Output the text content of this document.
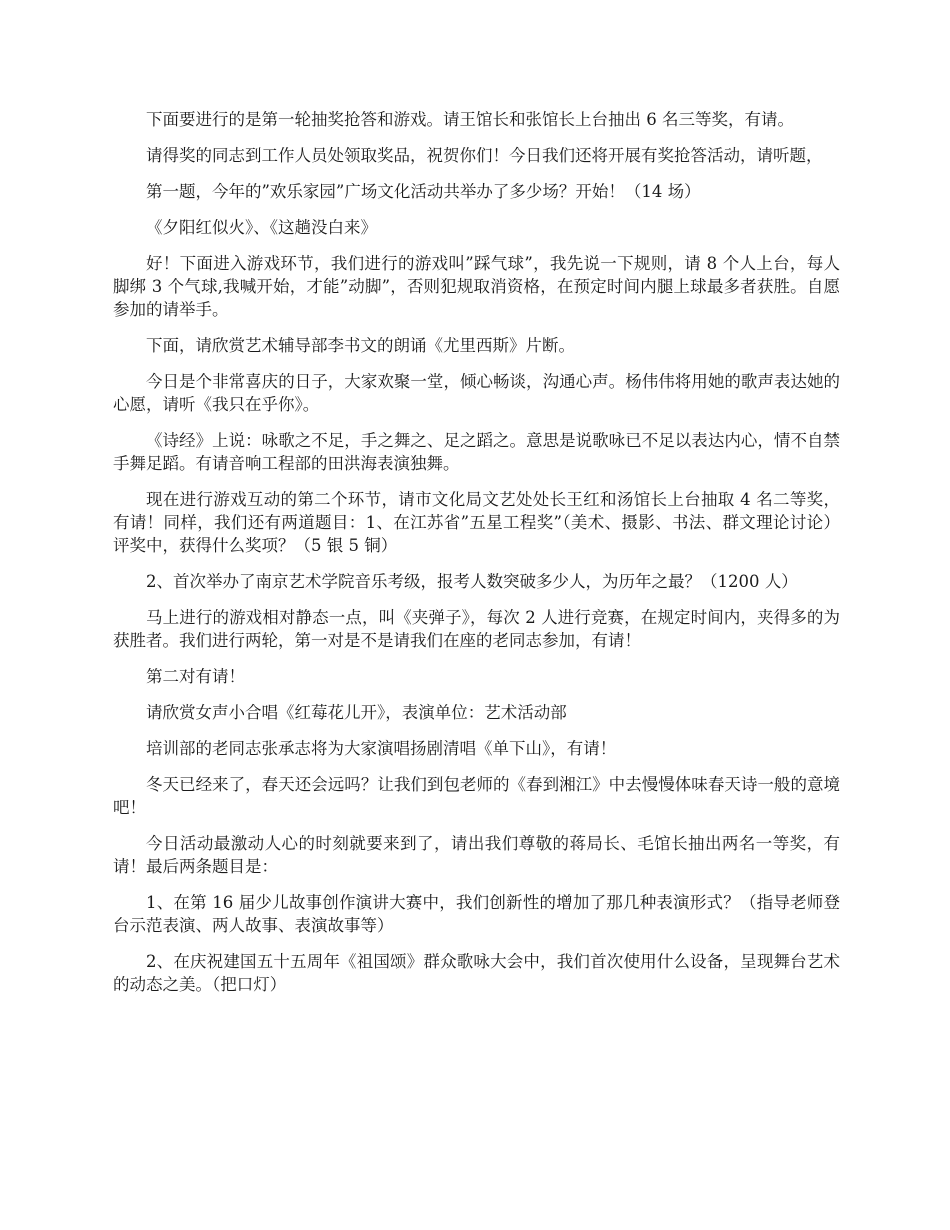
下面要进行的是第一轮抽奖抢答和游戏。请王馆长和张馆长上台抽出 6 名三等奖，有请。

请得奖的同志到工作人员处领取奖品，祝贺你们！今日我们还将开展有奖抢答活动，请听题，

第一题，今年的”欢乐家园”广场文化活动共举办了多少场？开始！（14 场）

《夕阳红似火》、《这趟没白来》

好！下面进入游戏环节，我们进行的游戏叫”踩气球”，我先说一下规则，请 8 个人上台，每人脚绑 3 个气球,我喊开始，才能”动脚”，否则犯规取消资格，在预定时间内腿上球最多者获胜。自愿参加的请举手。

下面，请欣赏艺术辅导部李书文的朗诵《尤里西斯》片断。

今日是个非常喜庆的日子，大家欢聚一堂，倾心畅谈，沟通心声。杨伟伟将用她的歌声表达她的心愿，请听《我只在乎你》。

《诗经》上说：咏歌之不足，手之舞之、足之蹈之。意思是说歌咏已不足以表达内心，情不自禁手舞足蹈。有请音响工程部的田洪海表演独舞。

现在进行游戏互动的第二个环节，请市文化局文艺处处长王红和汤馆长上台抽取 4 名二等奖，有请！同样，我们还有两道题目：1、在江苏省”五星工程奖”（美术、摄影、书法、群文理论讨论）评奖中，获得什么奖项？（5 银 5 铜）

2、首次举办了南京艺术学院音乐考级，报考人数突破多少人，为历年之最？（1200 人）

马上进行的游戏相对静态一点，叫《夹弹子》，每次 2 人进行竞赛，在规定时间内，夹得多的为获胜者。我们进行两轮，第一对是不是请我们在座的老同志参加，有请！

第二对有请！

请欣赏女声小合唱《红莓花儿开》，表演单位：艺术活动部

培训部的老同志张承志将为大家演唱扬剧清唱《单下山》，有请！

冬天已经来了，春天还会远吗？让我们到包老师的《春到湘江》中去慢慢体味春天诗一般的意境吧！

今日活动最激动人心的时刻就要来到了，请出我们尊敬的蒋局长、毛馆长抽出两名一等奖，有请！最后两条题目是：

1、在第 16 届少儿故事创作演讲大赛中，我们创新性的增加了那几种表演形式？（指导老师登台示范表演、两人故事、表演故事等）

2、在庆祝建国五十五周年《祖国颂》群众歌咏大会中，我们首次使用什么设备，呈现舞台艺术的动态之美。（把口灯）
